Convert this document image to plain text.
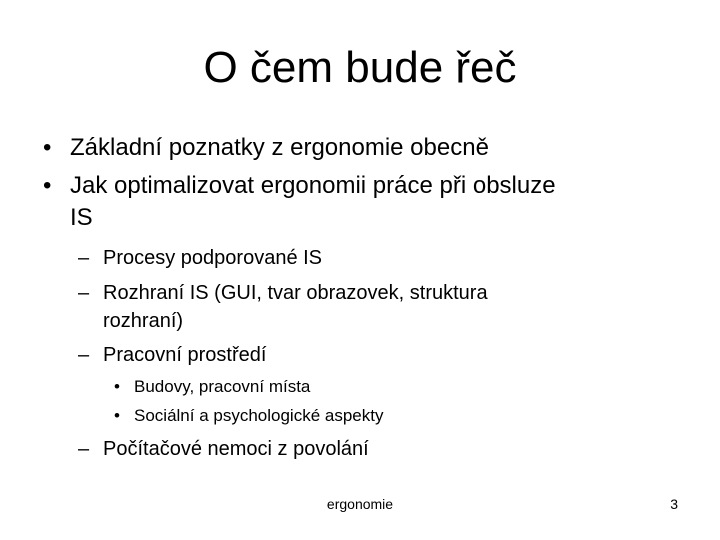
O čem bude řeč
• Základní poznatky z ergonomie obecně
• Jak optimalizovat ergonomii práce při obsluze
IS
– Procesy podporované IS
– Rozhraní IS (GUI, tvar obrazovek, struktura
rozhraní)
– Pracovní prostředí
• Budovy, pracovní místa
• Sociální a psychologické aspekty
– Počítačové nemoci z povolání
ergonomie	3
